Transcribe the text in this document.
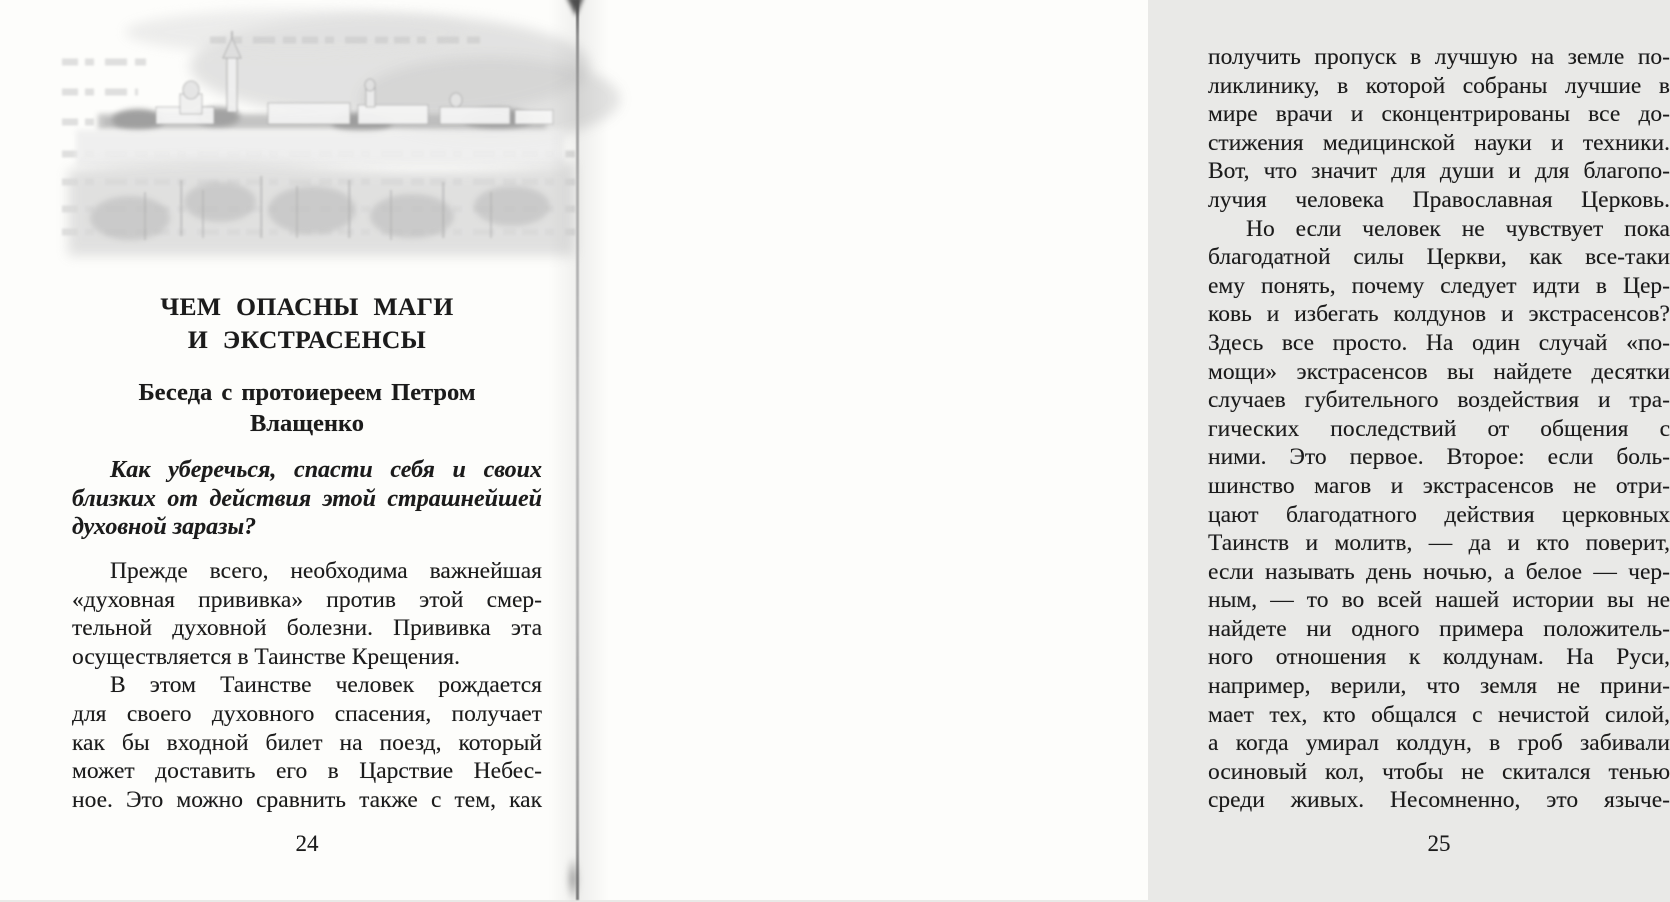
ЧЕМ ОПАСНЫ МАГИ
И ЭКСТРАСЕНСЫ
Беседа с протоиереем Петром
Влащенко
Как уберечься, спасти себя и своих
близких от действия этой страшнейшей
духовной заразы?
Прежде всего, необходима важнейшая
«духовная прививка» против этой смер-
тельной духовной болезни. Прививка эта
осуществляется в Таинстве Крещения.
В этом Таинстве человек рождается
для своего духовного спасения, получает
как бы входной билет на поезд, который
может доставить его в Царствие Небес-
ное. Это можно сравнить также с тем, как
24
получить пропуск в лучшую на земле по-
ликлинику, в которой собраны лучшие в
мире врачи и сконцентрированы все до-
стижения медицинской науки и техники.
Вот, что значит для души и для благопо-
лучия человека Православная Церковь.
Но если человек не чувствует пока
благодатной силы Церкви, как все-таки
ему понять, почему следует идти в Цер-
ковь и избегать колдунов и экстрасенсов?
Здесь все просто. На один случай «по-
мощи» экстрасенсов вы найдете десятки
случаев губительного воздействия и тра-
гических последствий от общения с
ними. Это первое. Второе: если боль-
шинство магов и экстрасенсов не отри-
цают благодатного действия церковных
Таинств и молитв, — да и кто поверит,
если называть день ночью, а белое — чер-
ным, — то во всей нашей истории вы не
найдете ни одного примера положитель-
ного отношения к колдунам. На Руси,
например, верили, что земля не прини-
мает тех, кто общался с нечистой силой,
а когда умирал колдун, в гроб забивали
осиновый кол, чтобы не скитался тенью
среди живых. Несомненно, это языче-
25
